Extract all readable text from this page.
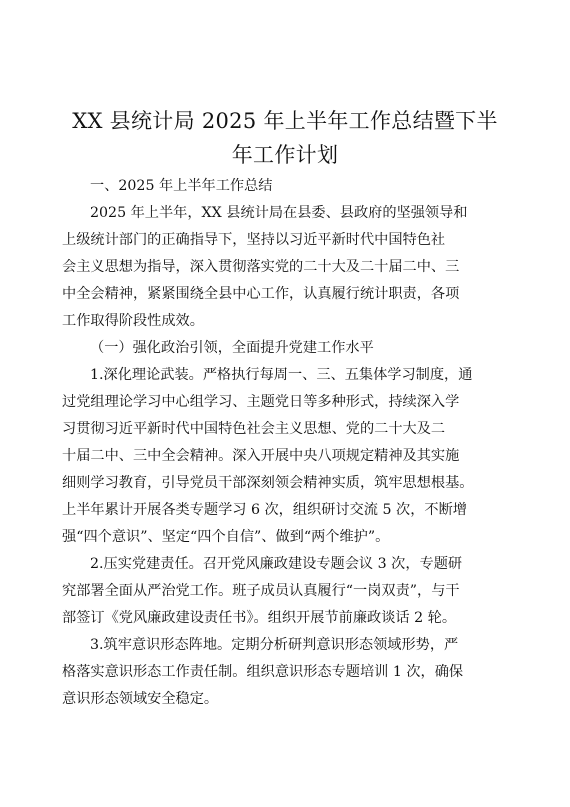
XX 县统计局 2025 年上半年工作总结暨下半
年工作计划

一、2025 年上半年工作总结

2025 年上半年，XX 县统计局在县委、县政府的坚强领导和

上级统计部门的正确指导下，坚持以习近平新时代中国特色社

会主义思想为指导，深入贯彻落实党的二十大及二十届二中、三

中全会精神，紧紧围绕全县中心工作，认真履行统计职责，各项

工作取得阶段性成效。

（一）强化政治引领，全面提升党建工作水平

1.深化理论武装。严格执行每周一、三、五集体学习制度，通

过党组理论学习中心组学习、主题党日等多种形式，持续深入学

习贯彻习近平新时代中国特色社会主义思想、党的二十大及二

十届二中、三中全会精神。深入开展中央八项规定精神及其实施

细则学习教育，引导党员干部深刻领会精神实质，筑牢思想根基。

上半年累计开展各类专题学习 6 次，组织研讨交流 5 次，不断增

强“四个意识”、坚定“四个自信”、做到“两个维护”。

2.压实党建责任。召开党风廉政建设专题会议 3 次，专题研

究部署全面从严治党工作。班子成员认真履行“一岗双责”，与干

部签订《党风廉政建设责任书》。组织开展节前廉政谈话 2 轮。

3.筑牢意识形态阵地。定期分析研判意识形态领域形势，严

格落实意识形态工作责任制。组织意识形态专题培训 1 次，确保

意识形态领域安全稳定。
